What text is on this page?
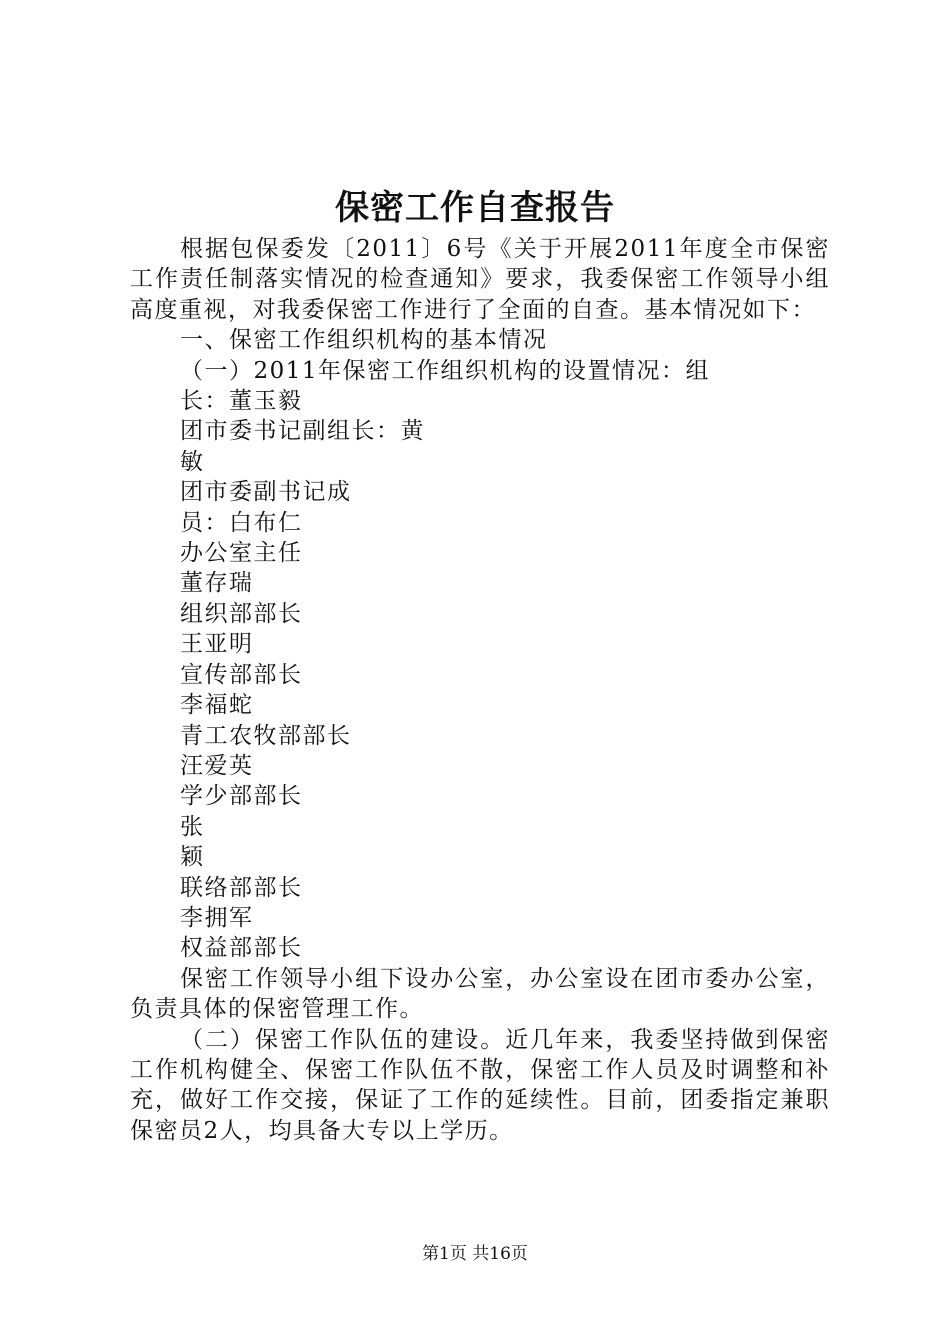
保密工作自查报告

根据包保委发〔2011〕6号《关于开展2011年度全市保密工作责任制落实情况的检查通知》要求，我委保密工作领导小组高度重视，对我委保密工作进行了全面的自查。基本情况如下：

一、保密工作组织机构的基本情况

（一）2011年保密工作组织机构的设置情况：组

长：董玉毅

团市委书记副组长：黄

敏

团市委副书记成

员：白布仁

办公室主任

董存瑞

组织部部长

王亚明

宣传部部长

李福蛇

青工农牧部部长

汪爱英

学少部部长

张

颖

联络部部长

李拥军

权益部部长

保密工作领导小组下设办公室，办公室设在团市委办公室，负责具体的保密管理工作。

（二）保密工作队伍的建设。近几年来，我委坚持做到保密工作机构健全、保密工作队伍不散，保密工作人员及时调整和补充，做好工作交接，保证了工作的延续性。目前，团委指定兼职保密员2人，均具备大专以上学历。

第1页 共16页
